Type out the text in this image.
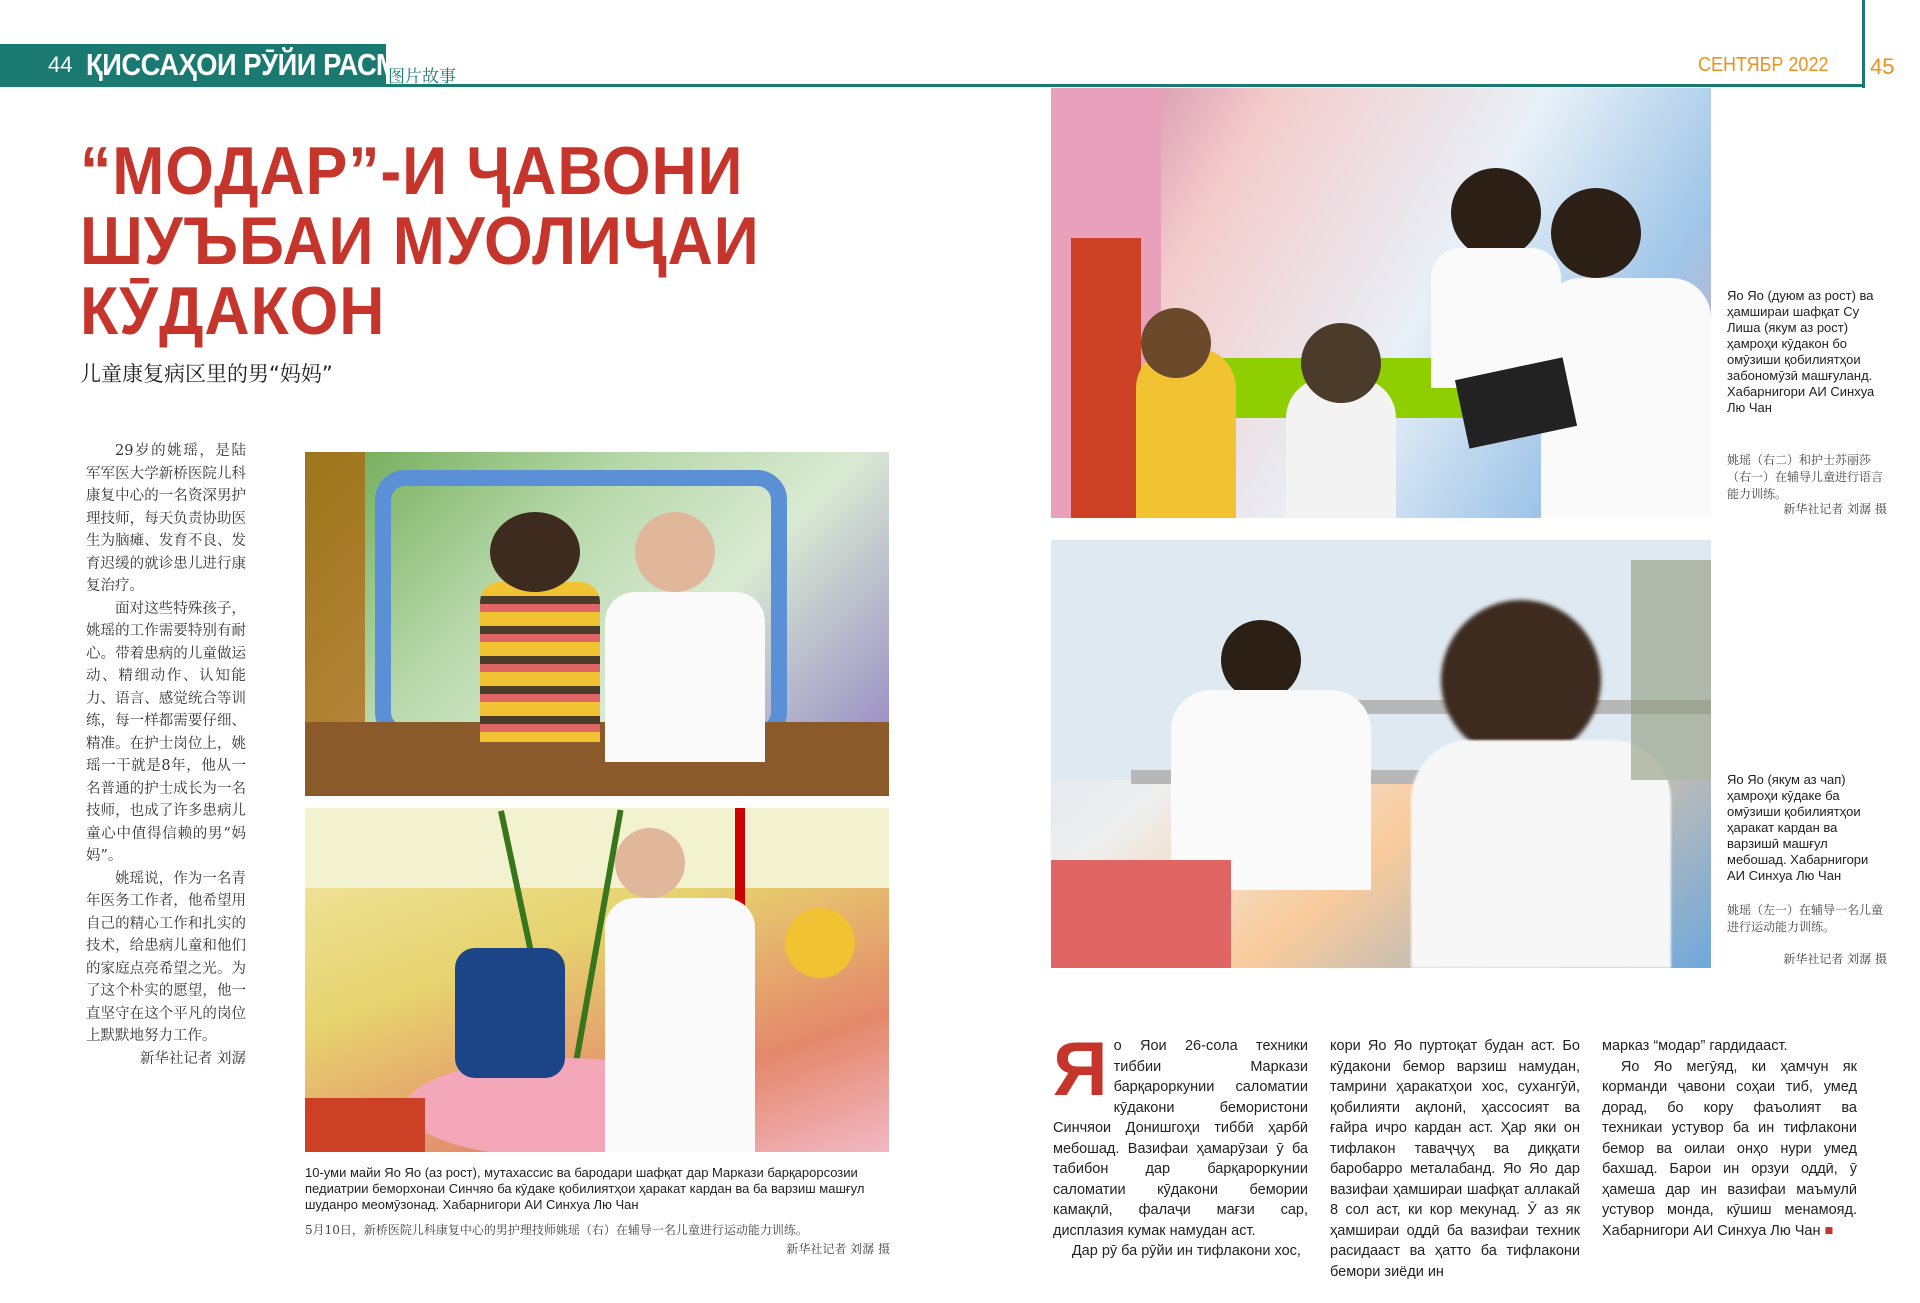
44 ҚИССАҲОИ РӮЙИ РАСМ
图片故事
СЕНТЯБР 2022 45
“МОДАР”-И ҶАВОНИ
ШУЪБАИ МУОЛИҶАИ
КӮДАКОН
儿童康复病区里的男“妈妈”

29岁的姚瑶，是陆军军医大学新桥医院儿科康复中心的一名资深男护理技师，每天负责协助医生为脑瘫、发育不良、发育迟缓的就诊患儿进行康复治疗。

面对这些特殊孩子，姚瑶的工作需要特别有耐心。带着患病的儿童做运动、精细动作、认知能力、语言、感觉统合等训练，每一样都需要仔细、精准。在护士岗位上，姚瑶一干就是8年，他从一名普通的护士成长为一名技师，也成了许多患病儿童心中值得信赖的男“妈妈”。

姚瑶说，作为一名青年医务工作者，他希望用自己的精心工作和扎实的技术，给患病儿童和他们的家庭点亮希望之光。为了这个朴实的愿望，他一直坚守在这个平凡的岗位上默默地努力工作。

新华社记者 刘潺
10-уми майи Яо Яо (аз рост), мутахассис ва бародари шафқат дар Маркази барқарорсозии педиатрии беморхонаи Синчяо ба кӯдаке қобилиятҳои ҳаракат кардан ва ба варзиш машғул шуданро меомӯзонад. Хабарнигори АИ Синхуа Лю Чан
5月10日，新桥医院儿科康复中心的男护理技师姚瑶（右）在辅导一名儿童进行运动能力训练。
新华社记者 刘潺 摄
Яо Яо (дуюм аз рост) ва ҳамшираи шафқат Су Лиша (якум аз рост) ҳамроҳи кӯдакон бо омӯзиши қобилиятҳои забономӯзӣ машғуланд. Хабарнигори АИ Синхуа Лю Чан
姚瑶（右二）和护士苏丽莎（右一）在辅导儿童进行语言能力训练。
新华社记者 刘潺 摄
Яо Яо (якум аз чап) ҳамроҳи кӯдаке ба омӯзиши қобилиятҳои ҳаракат кардан ва варзишӣ машғул мебошад. Хабарнигори АИ Синхуа Лю Чан
姚瑶（左一）在辅导一名儿童进行运动能力训练。
新华社记者 刘潺 摄

Яо Яои 26-сола техники тиббии Маркази барқароркунии саломатии кӯдакони бемористони Синчяои Донишгоҳи тиббӣ ҳарбӣ мебошад. Вазифаи ҳамарӯзаи ӯ ба табибон дар барқароркунии саломатии кӯдакони бемории камақлӣ, фалаҷи мағзи сар, дисплазия кумак намудан аст.

Дар рӯ ба рӯйи ин тифлакони хос,

кори Яо Яо пуртоқат будан аст. Бо кӯдакони бемор варзиш намудан, тамрини ҳаракатҳои хос, сухангӯӣ, қобилияти ақлонӣ, ҳассосият ва ғайра ичро кардан аст. Ҳар яки он тифлакон таваҷҷуҳ ва диққати баробарро металабанд. Яо Яо дар вазифаи ҳамшираи шафқат аллакай 8 сол аст, ки кор мекунад. Ӯ аз як ҳамшираи оддӣ ба вазифаи техник расидааст ва ҳатто ба тифлакони бемори зиёди ин

марказ “модар” гардидааст.

Яо Яо мегӯяд, ки ҳамчун як корманди ҷавони соҳаи тиб, умед дорад, бо кору фаъолият ва техникаи устувор ба ин тифлакони бемор ва оилаи онҳо нури умед бахшад. Барои ин орзуи оддӣ, ӯ ҳамеша дар ин вазифаи маъмулӣ устувор монда, кӯшиш менамояд. Хабарнигори АИ Синхуа Лю Чан ■
